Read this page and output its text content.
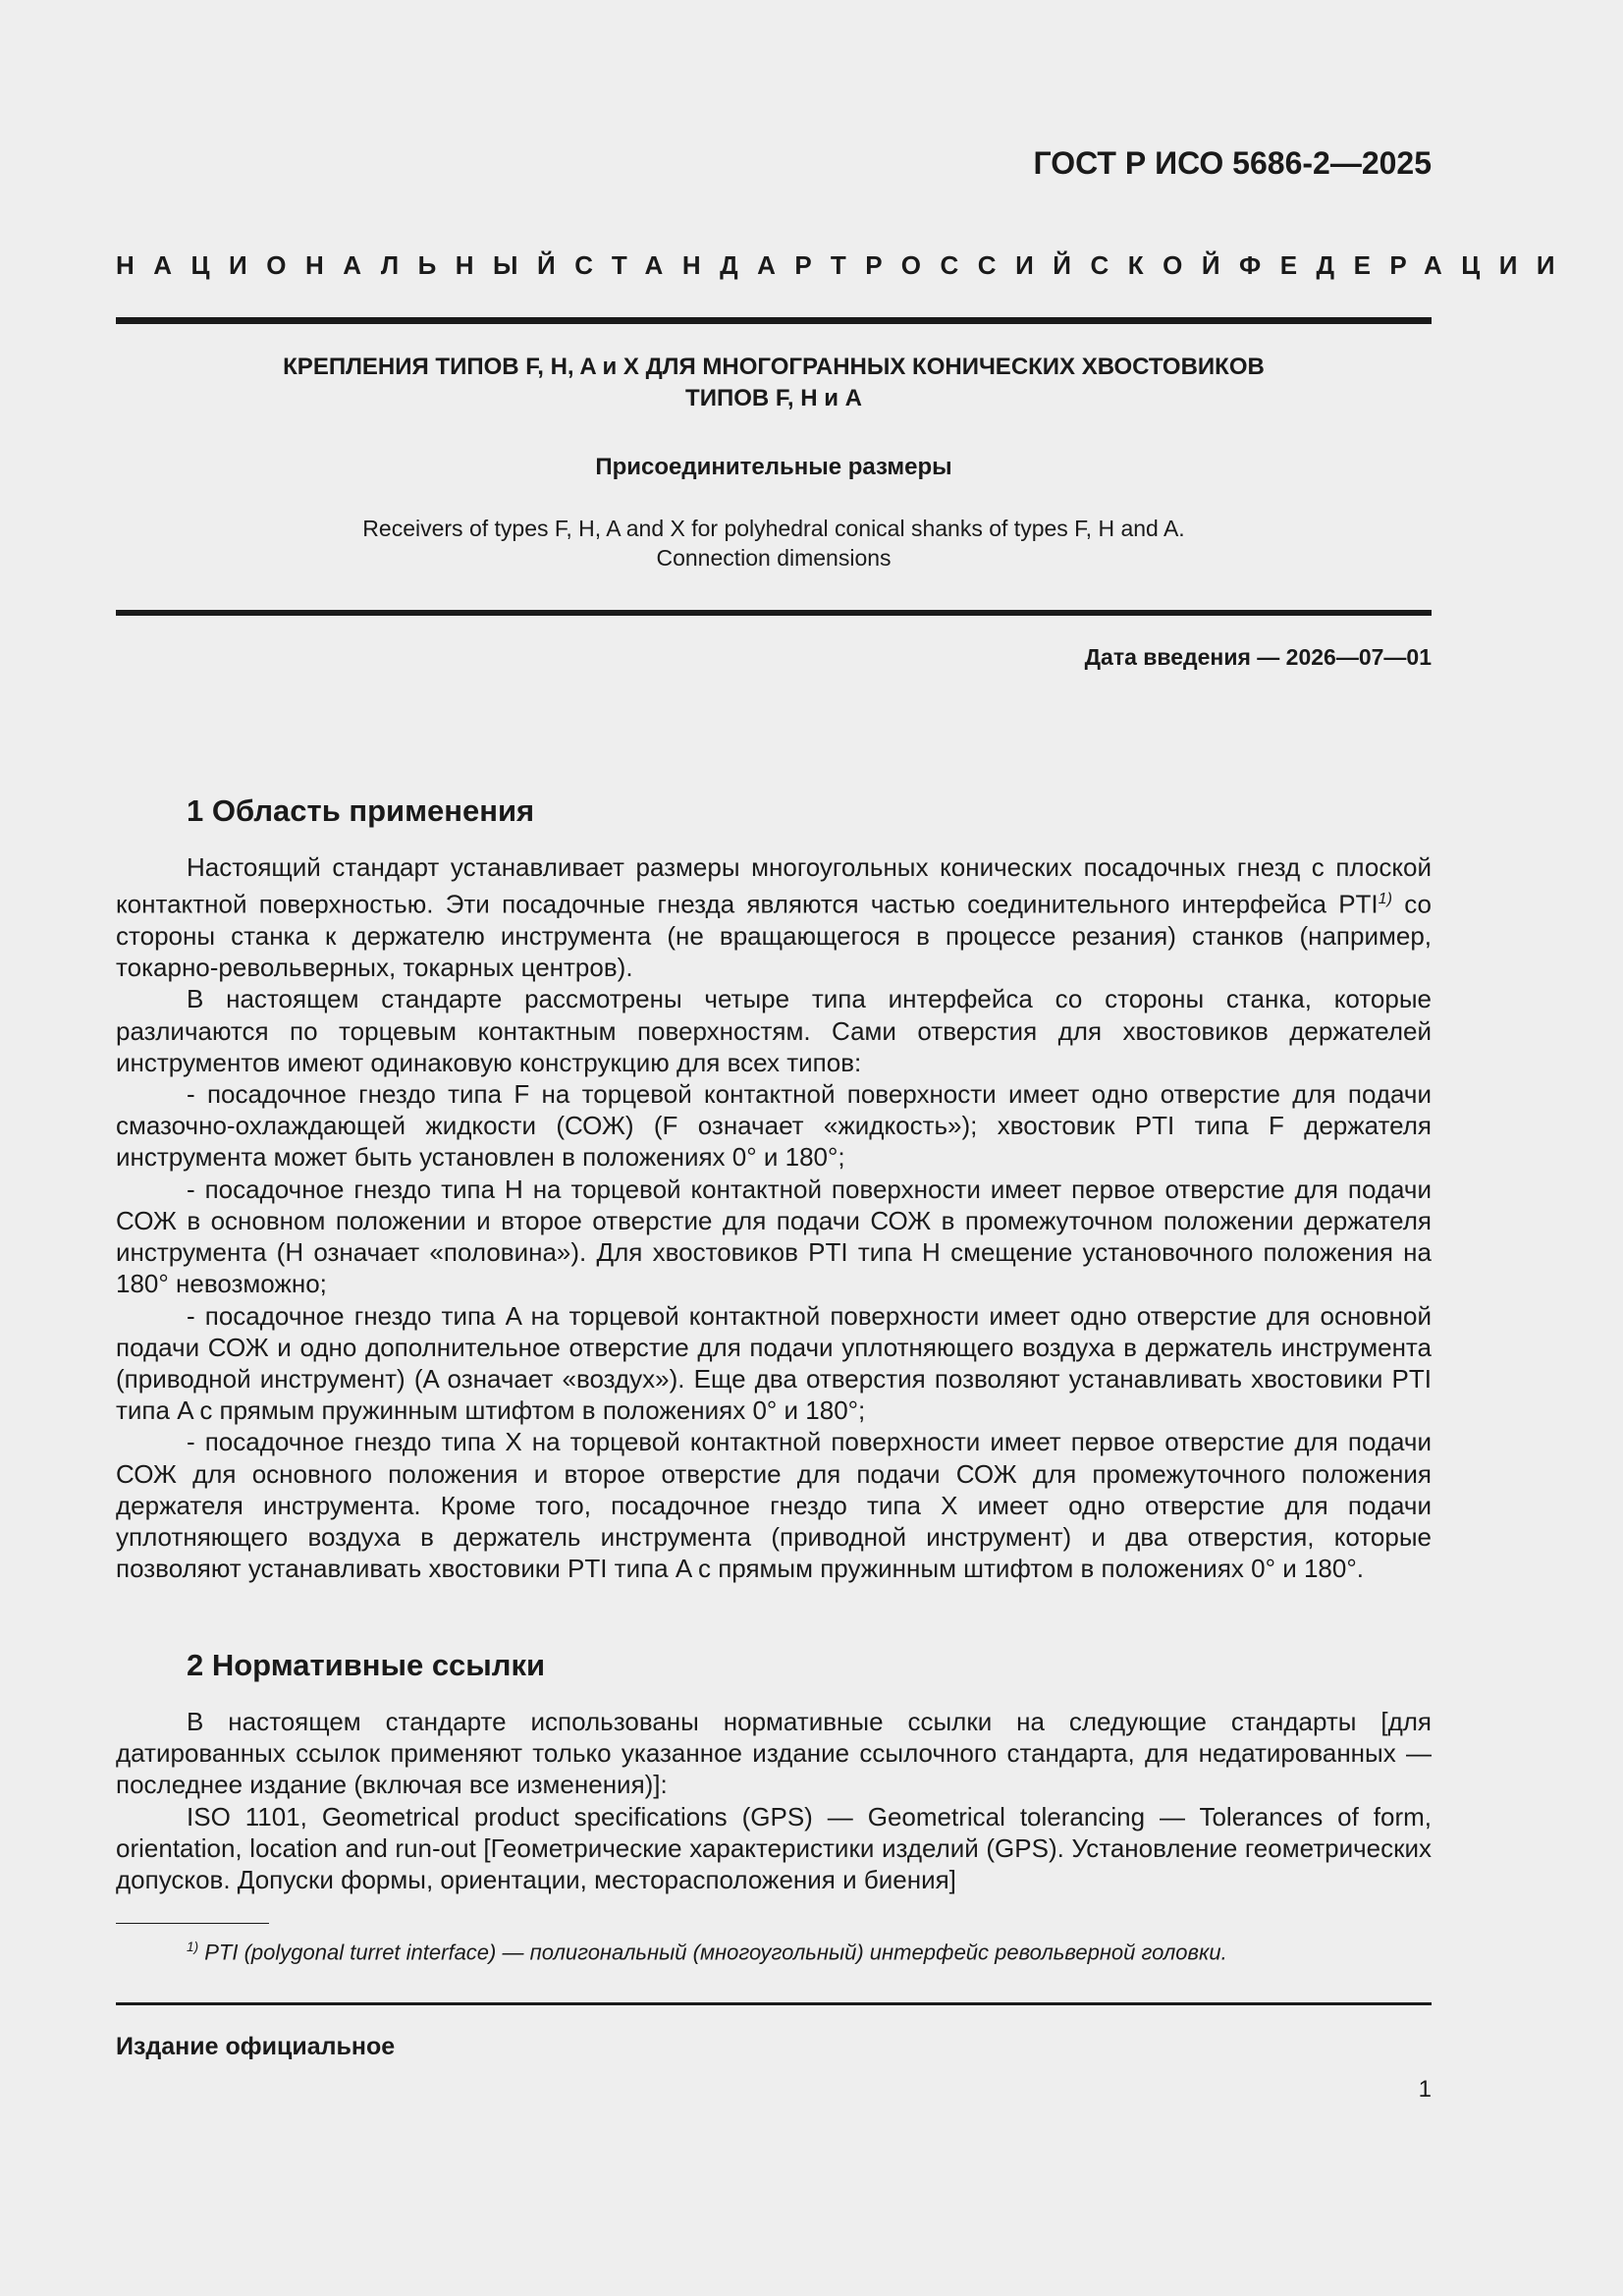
ГОСТ Р ИСО 5686-2—2025
НАЦИОНАЛЬНЫЙ СТАНДАРТ РОССИЙСКОЙ ФЕДЕРАЦИИ
КРЕПЛЕНИЯ ТИПОВ F, H, A и X ДЛЯ МНОГОГРАННЫХ КОНИЧЕСКИХ ХВОСТОВИКОВ
ТИПОВ F, H и A
Присоединительные размеры
Receivers of types F, H, A and X for polyhedral conical shanks of types F, H and A.
Connection dimensions
Дата введения — 2026—07—01
1 Область применения

Настоящий стандарт устанавливает размеры многоугольных конических посадочных гнезд с плоской контактной поверхностью. Эти посадочные гнезда являются частью соединительного интерфейса PTI$^{1)}$ со стороны станка к держателю инструмента (не вращающегося в процессе резания) станков (например, токарно-револьверных, токарных центров).

В настоящем стандарте рассмотрены четыре типа интерфейса со стороны станка, которые различаются по торцевым контактным поверхностям. Сами отверстия для хвостовиков держателей инструментов имеют одинаковую конструкцию для всех типов:

- посадочное гнездо типа F на торцевой контактной поверхности имеет одно отверстие для подачи смазочно-охлаждающей жидкости (СОЖ) (F означает «жидкость»); хвостовик PTI типа F держателя инструмента может быть установлен в положениях 0° и 180°;

- посадочное гнездо типа H на торцевой контактной поверхности имеет первое отверстие для подачи СОЖ в основном положении и второе отверстие для подачи СОЖ в промежуточном положении держателя инструмента (H означает «половина»). Для хвостовиков PTI типа H смещение установочного положения на 180° невозможно;

- посадочное гнездо типа A на торцевой контактной поверхности имеет одно отверстие для основной подачи СОЖ и одно дополнительное отверстие для подачи уплотняющего воздуха в держатель инструмента (приводной инструмент) (A означает «воздух»). Еще два отверстия позволяют устанавливать хвостовики PTI типа A с прямым пружинным штифтом в положениях 0° и 180°;

- посадочное гнездо типа X на торцевой контактной поверхности имеет первое отверстие для подачи СОЖ для основного положения и второе отверстие для подачи СОЖ для промежуточного положения держателя инструмента. Кроме того, посадочное гнездо типа X имеет одно отверстие для подачи уплотняющего воздуха в держатель инструмента (приводной инструмент) и два отверстия, которые позволяют устанавливать хвостовики PTI типа A с прямым пружинным штифтом в положениях 0° и 180°.

2 Нормативные ссылки

В настоящем стандарте использованы нормативные ссылки на следующие стандарты [для датированных ссылок применяют только указанное издание ссылочного стандарта, для недатированных — последнее издание (включая все изменения)]:

ISO 1101, Geometrical product specifications (GPS) — Geometrical tolerancing — Tolerances of form, orientation, location and run-out [Геометрические характеристики изделий (GPS). Установление геометрических допусков. Допуски формы, ориентации, месторасположения и биения]

$^{1)}$ PTI (polygonal turret interface) — полигональный (многоугольный) интерфейс револьверной головки.
Издание официальное
1
